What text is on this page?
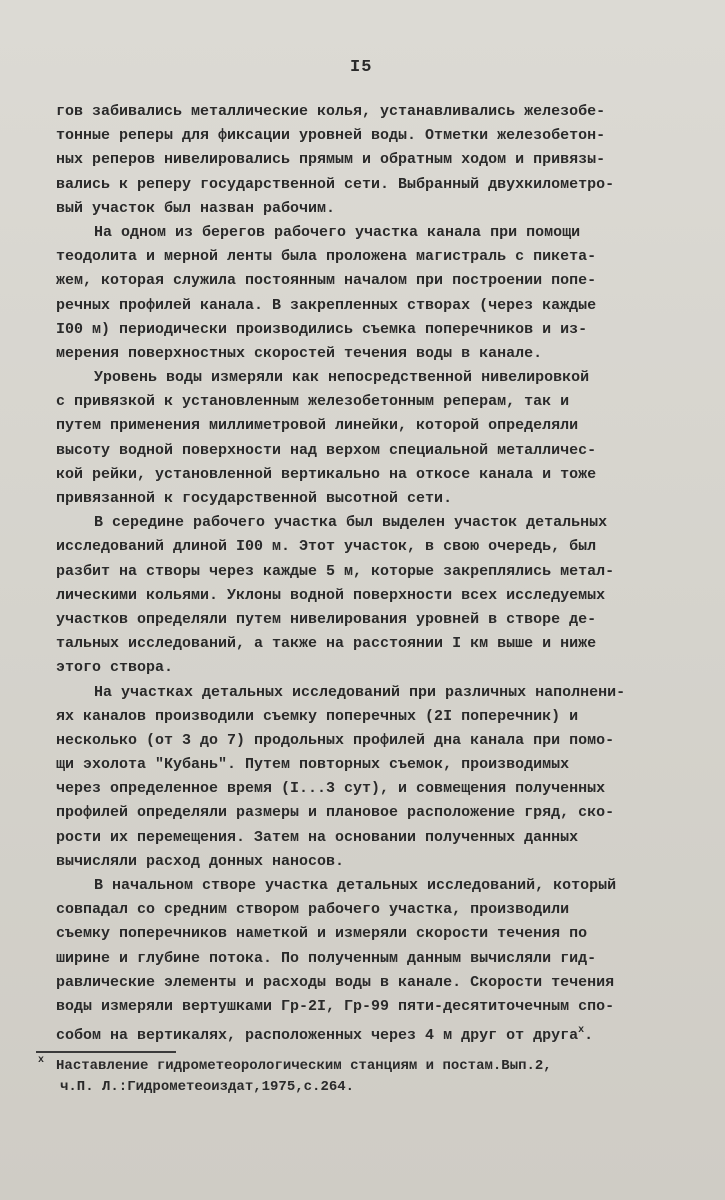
I5
гов забивались металлические колья, устанавливались железобе-
тонные реперы для фиксации уровней воды. Отметки железобетон-
ных реперов нивелировались прямым и обратным ходом и привязы-
вались к реперу государственной сети. Выбранный двухкилометро-
вый участок был назван рабочим.
На одном из берегов рабочего участка канала при помощи
теодолита и мерной ленты была проложена магистраль с пикета-
жем, которая служила постоянным началом при построении попе-
речных профилей канала. В закрепленных створах (через каждые
I00 м) периодически производились съемка поперечников и из-
мерения поверхностных скоростей течения воды в канале.
Уровень воды измеряли как непосредственной нивелировкой
с привязкой к установленным железобетонным реперам, так и
путем применения миллиметровой линейки, которой определяли
высоту водной поверхности над верхом специальной металличес-
кой рейки, установленной вертикально на откосе канала и тоже
привязанной к государственной высотной сети.
В середине рабочего участка был выделен участок детальных
исследований длиной I00 м. Этот участок, в свою очередь, был
разбит на створы через каждые 5 м, которые закреплялись метал-
лическими кольями. Уклоны водной поверхности всех исследуемых
участков определяли путем нивелирования уровней в створе де-
тальных исследований, а также на расстоянии I км выше и ниже
этого створа.
На участках детальных исследований при различных наполнени-
ях каналов производили съемку поперечных (2I поперечник) и
несколько (от 3 до 7) продольных профилей дна канала при помо-
щи эхолота "Кубань". Путем повторных съемок, производимых
через определенное время (I...3 сут), и совмещения полученных
профилей определяли размеры и плановое расположение гряд, ско-
рости их перемещения. Затем на основании полученных данных
вычисляли расход донных наносов.
В начальном створе участка детальных исследований, который
совпадал со средним створом рабочего участка, производили
съемку поперечников наметкой и измеряли скорости течения по
ширине и глубине потока. По полученным данным вычисляли гид-
равлические элементы и расходы воды в канале. Скорости течения
воды измеряли вертушками Гр-2I, Гр-99 пяти-десятиточечным спо-
собом на вертикалях, расположенных через 4 м друг от друга$^х$.
$^х$ Наставление гидрометеорологическим станциям и постам.Вып.2,
ч.П. Л.:Гидрометеоиздат,1975,с.264.
